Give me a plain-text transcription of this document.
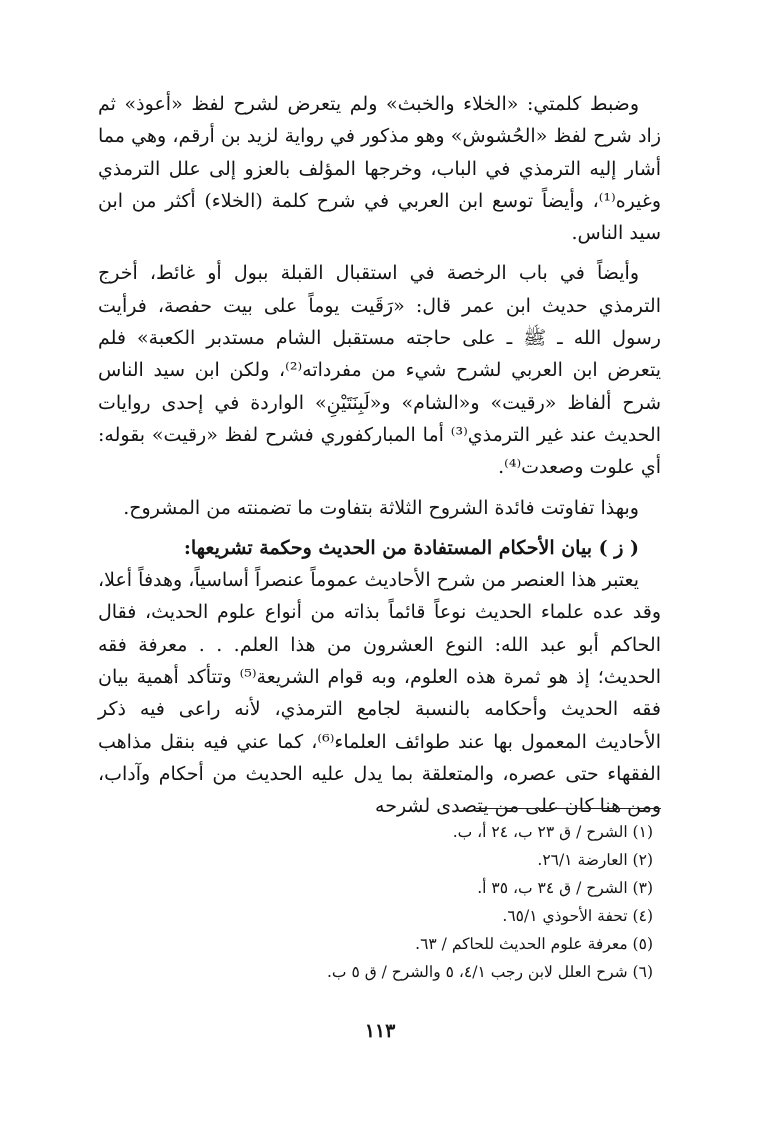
وضبط كلمتي: «الخلاء والخبث» ولم يتعرض لشرح لفظ «أعوذ» ثم زاد شرح لفظ «الحُشوش» وهو مذكور في رواية لزيد بن أرقم، وهي مما أشار إليه الترمذي في الباب، وخرجها المؤلف بالعزو إلى علل الترمذي وغيره⁽¹⁾، وأيضاً توسع ابن العربي في شرح كلمة (الخلاء) أكثر من ابن سيد الناس.

وأيضاً في باب الرخصة في استقبال القبلة ببول أو غائط، أخرج الترمذي حديث ابن عمر قال: «رَقَيت يوماً على بيت حفصة، فرأيت رسول الله ـ ﷺ ـ على حاجته مستقبل الشام مستدبر الكعبة» فلم يتعرض ابن العربي لشرح شيء من مفرداته⁽²⁾، ولكن ابن سيد الناس شرح ألفاظ «رقيت» و«الشام» و«لَبِنَتَيْنِ» الواردة في إحدى روايات الحديث عند غير الترمذي⁽³⁾ أما المباركفوري فشرح لفظ «رقيت» بقوله: أي علوت وصعدت⁽⁴⁾.

وبهذا تفاوتت فائدة الشروح الثلاثة بتفاوت ما تضمنته من المشروح.

( ز ) بيان الأحكام المستفادة من الحديث وحكمة تشريعها:

يعتبر هذا العنصر من شرح الأحاديث عموماً عنصراً أساسياً، وهدفاً أعلا، وقد عده علماء الحديث نوعاً قائماً بذاته من أنواع علوم الحديث، فقال الحاكم أبو عبد الله: النوع العشرون من هذا العلم. . . معرفة فقه الحديث؛ إذ هو ثمرة هذه العلوم، وبه قوام الشريعة⁽⁵⁾ وتتأكد أهمية بيان فقه الحديث وأحكامه بالنسبة لجامع الترمذي، لأنه راعى فيه ذكر الأحاديث المعمول بها عند طوائف العلماء⁽⁶⁾، كما عني فيه بنقل مذاهب الفقهاء حتى عصره، والمتعلقة بما يدل عليه الحديث من أحكام وآداب، ومن هنا كان على من يتصدى لشرحه

(١) الشرح / ق ٢٣ ب، ٢٤ أ، ب.

(٢) العارضة ٢٦/١.

(٣) الشرح / ق ٣٤ ب، ٣٥ أ.

(٤) تحفة الأحوذي ٦٥/١.

(٥) معرفة علوم الحديث للحاكم / ٦٣.

(٦) شرح العلل لابن رجب ٤/١، ٥ والشرح / ق ٥ ب.

١١٣
